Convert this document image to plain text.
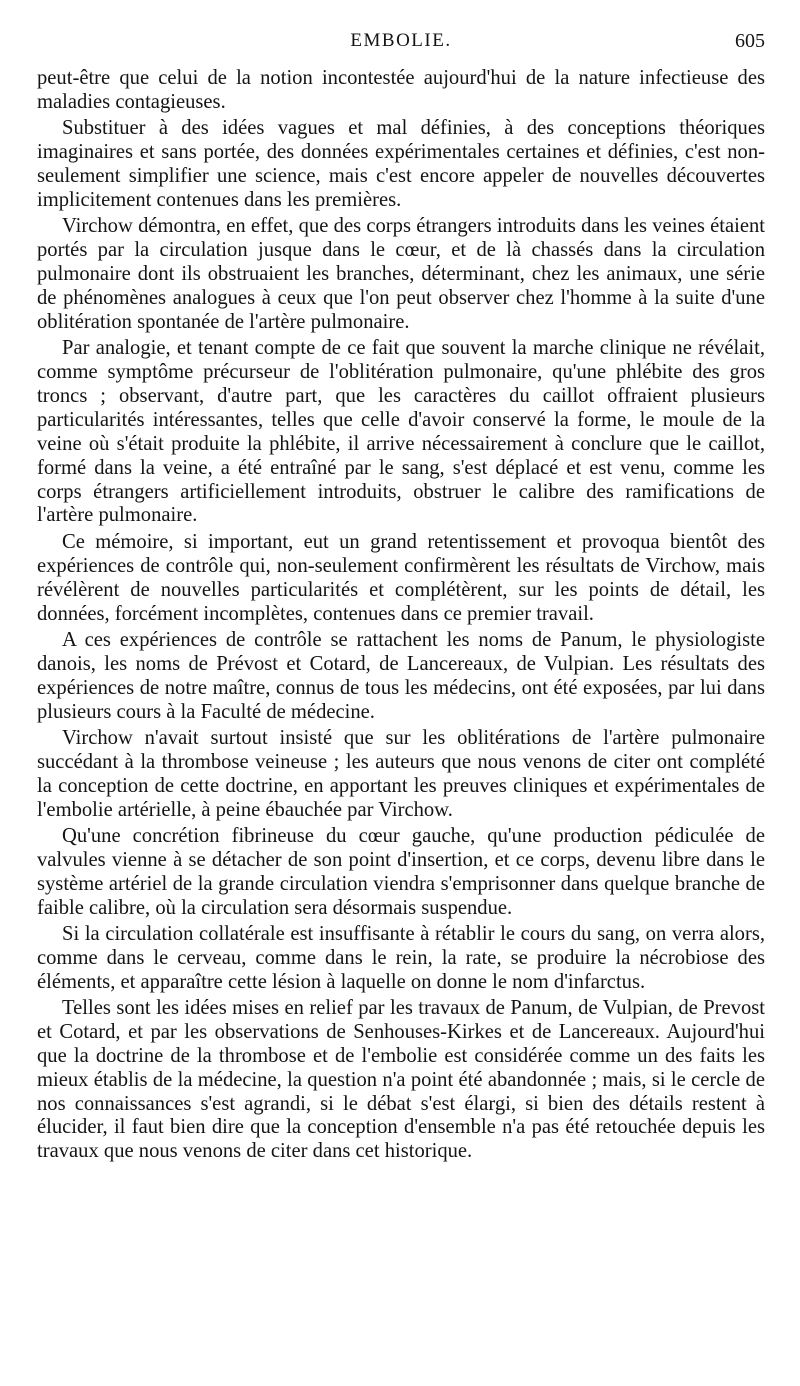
EMBOLIE.	605

peut-être que celui de la notion incontestée aujourd'hui de la nature infectieuse des maladies contagieuses.

Substituer à des idées vagues et mal définies, à des conceptions théoriques imaginaires et sans portée, des données expérimentales certaines et définies, c'est non-seulement simplifier une science, mais c'est encore appeler de nouvelles découvertes implicitement contenues dans les premières.

Virchow démontra, en effet, que des corps étrangers introduits dans les veines étaient portés par la circulation jusque dans le cœur, et de là chassés dans la circulation pulmonaire dont ils obstruaient les branches, déterminant, chez les animaux, une série de phénomènes analogues à ceux que l'on peut observer chez l'homme à la suite d'une oblitération spontanée de l'artère pulmonaire.

Par analogie, et tenant compte de ce fait que souvent la marche clinique ne révélait, comme symptôme précurseur de l'oblitération pulmonaire, qu'une phlébite des gros troncs ; observant, d'autre part, que les caractères du caillot offraient plusieurs particularités intéressantes, telles que celle d'avoir conservé la forme, le moule de la veine où s'était produite la phlébite, il arrive nécessairement à conclure que le caillot, formé dans la veine, a été entraîné par le sang, s'est déplacé et est venu, comme les corps étrangers artificiellement introduits, obstruer le calibre des ramifications de l'artère pulmonaire.

Ce mémoire, si important, eut un grand retentissement et provoqua bientôt des expériences de contrôle qui, non-seulement confirmèrent les résultats de Virchow, mais révélèrent de nouvelles particularités et complétèrent, sur les points de détail, les données, forcément incomplètes, contenues dans ce premier travail.

A ces expériences de contrôle se rattachent les noms de Panum, le physiologiste danois, les noms de Prévost et Cotard, de Lancereaux, de Vulpian. Les résultats des expériences de notre maître, connus de tous les médecins, ont été exposées, par lui dans plusieurs cours à la Faculté de médecine.

Virchow n'avait surtout insisté que sur les oblitérations de l'artère pulmonaire succédant à la thrombose veineuse ; les auteurs que nous venons de citer ont complété la conception de cette doctrine, en apportant les preuves cliniques et expérimentales de l'embolie artérielle, à peine ébauchée par Virchow.

Qu'une concrétion fibrineuse du cœur gauche, qu'une production pédiculée de valvules vienne à se détacher de son point d'insertion, et ce corps, devenu libre dans le système artériel de la grande circulation viendra s'emprisonner dans quelque branche de faible calibre, où la circulation sera désormais suspendue.

Si la circulation collatérale est insuffisante à rétablir le cours du sang, on verra alors, comme dans le cerveau, comme dans le rein, la rate, se produire la nécrobiose des éléments, et apparaître cette lésion à laquelle on donne le nom d'infarctus.

Telles sont les idées mises en relief par les travaux de Panum, de Vulpian, de Prevost et Cotard, et par les observations de Senhouses-Kirkes et de Lancereaux. Aujourd'hui que la doctrine de la thrombose et de l'embolie est considérée comme un des faits les mieux établis de la médecine, la question n'a point été abandonnée ; mais, si le cercle de nos connaissances s'est agrandi, si le débat s'est élargi, si bien des détails restent à élucider, il faut bien dire que la conception d'ensemble n'a pas été retouchée depuis les travaux que nous venons de citer dans cet historique.
